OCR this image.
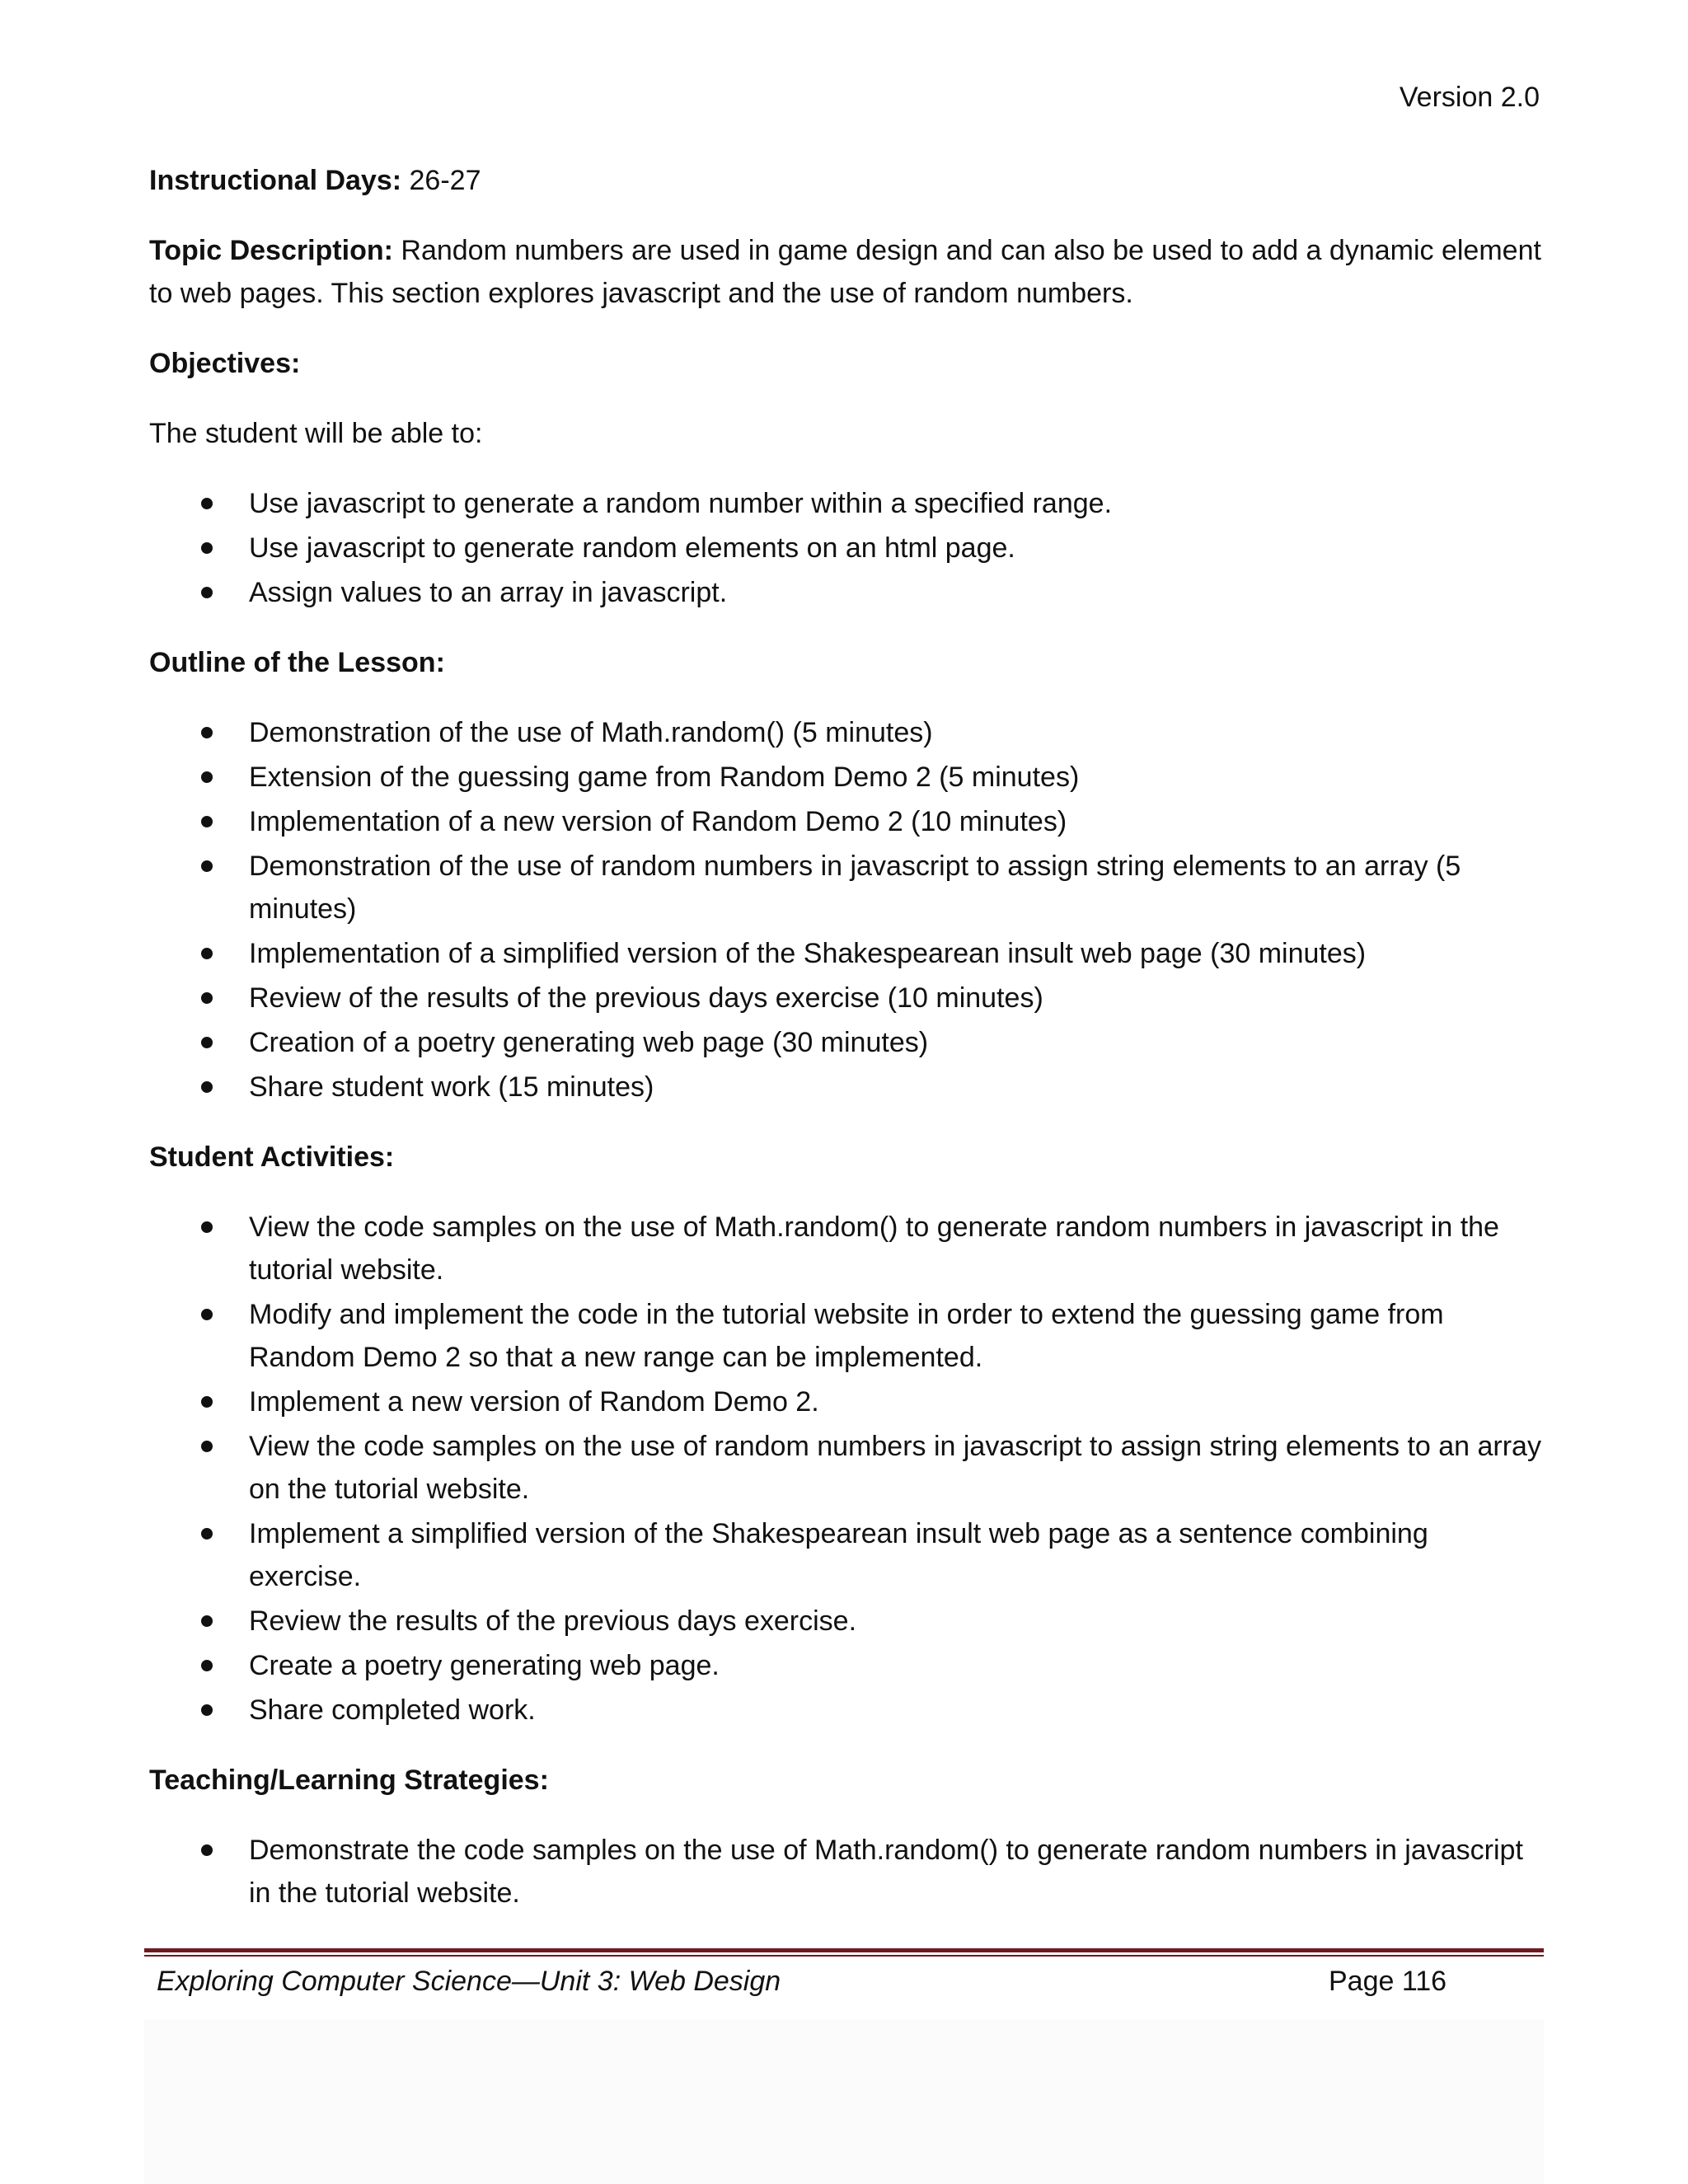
Version 2.0

Instructional Days: 26-27

Topic Description: Random numbers are used in game design and can also be used to add a dynamic element to web pages. This section explores javascript and the use of random numbers.

Objectives:

The student will be able to:

Use javascript to generate a random number within a specified range.
Use javascript to generate random elements on an html page.
Assign values to an array in javascript.

Outline of the Lesson:

Demonstration of the use of Math.random() (5 minutes)
Extension of the guessing game from Random Demo 2 (5 minutes)
Implementation of a new version of Random Demo 2 (10 minutes)
Demonstration of the use of random numbers in javascript to assign string elements to an array (5 minutes)
Implementation of a simplified version of the Shakespearean insult web page (30 minutes)
Review of the results of the previous days exercise (10 minutes)
Creation of a poetry generating web page (30 minutes)
Share student work (15 minutes)

Student Activities:

View the code samples on the use of Math.random() to generate random numbers in javascript in the tutorial website.
Modify and implement the code in the tutorial website in order to extend the guessing game from Random Demo 2 so that a new range can be implemented.
Implement a new version of Random Demo 2.
View the code samples on the use of random numbers in javascript to assign string elements to an array on the tutorial website.
Implement a simplified version of the Shakespearean insult web page as a sentence combining exercise.
Review the results of the previous days exercise.
Create a poetry generating web page.
Share completed work.

Teaching/Learning Strategies:

Demonstrate the code samples on the use of Math.random() to generate random numbers in javascript in the tutorial website.
Exploring Computer Science—Unit 3: Web Design	Page 116
